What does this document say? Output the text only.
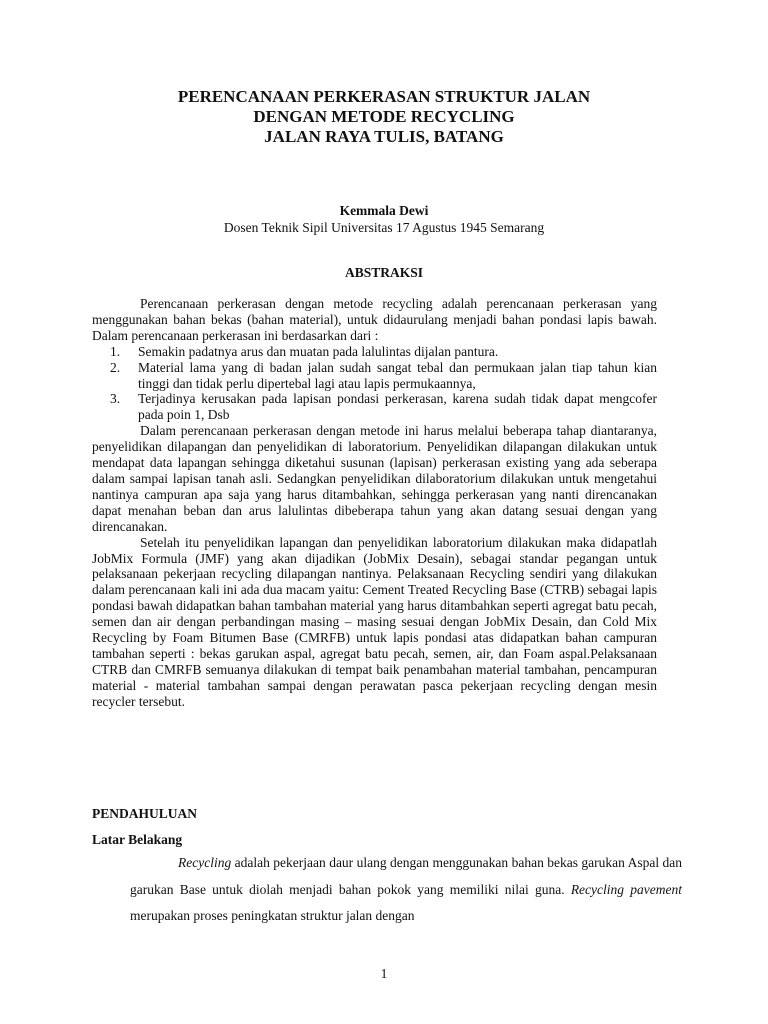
PERENCANAAN PERKERASAN STRUKTUR JALAN
DENGAN METODE RECYCLING
JALAN RAYA TULIS, BATANG
Kemmala Dewi
Dosen Teknik Sipil Universitas 17 Agustus 1945 Semarang
ABSTRAKSI
Perencanaan perkerasan dengan metode recycling adalah perencanaan perkerasan yang menggunakan bahan bekas (bahan material), untuk didaurulang menjadi bahan pondasi lapis bawah. Dalam perencanaan perkerasan ini berdasarkan dari :
1. Semakin padatnya arus dan muatan pada lalulintas dijalan pantura.
2. Material lama yang di badan jalan sudah sangat tebal dan permukaan jalan tiap tahun kian tinggi dan tidak perlu dipertebal lagi atau lapis permukaannya,
3. Terjadinya kerusakan pada lapisan pondasi perkerasan, karena sudah tidak dapat mengcofer pada poin 1, Dsb
Dalam perencanaan perkerasan dengan metode ini harus melalui beberapa tahap diantaranya, penyelidikan dilapangan dan penyelidikan di laboratorium. Penyelidikan dilapangan dilakukan untuk mendapat data lapangan sehingga diketahui susunan (lapisan) perkerasan existing yang ada seberapa dalam sampai lapisan tanah asli. Sedangkan penyelidikan dilaboratorium dilakukan untuk mengetahui nantinya campuran apa saja yang harus ditambahkan, sehingga perkerasan yang nanti direncanakan dapat menahan beban dan arus lalulintas dibeberapa tahun yang akan datang sesuai dengan yang direncanakan.
Setelah itu penyelidikan lapangan dan penyelidikan laboratorium dilakukan maka didapatlah JobMix Formula (JMF) yang akan dijadikan (JobMix Desain), sebagai standar pegangan untuk pelaksanaan pekerjaan recycling dilapangan nantinya. Pelaksanaan Recycling sendiri yang dilakukan dalam perencanaan kali ini ada dua macam yaitu: Cement Treated Recycling Base (CTRB) sebagai lapis pondasi bawah didapatkan bahan tambahan material yang harus ditambahkan seperti agregat batu pecah, semen dan air dengan perbandingan masing – masing sesuai dengan JobMix Desain, dan Cold Mix Recycling by Foam Bitumen Base (CMRFB) untuk lapis pondasi atas didapatkan bahan campuran tambahan seperti : bekas garukan aspal, agregat batu pecah, semen, air, dan Foam aspal.Pelaksanaan CTRB dan CMRFB semuanya dilakukan di tempat baik penambahan material tambahan, pencampuran material - material tambahan sampai dengan perawatan pasca pekerjaan recycling dengan mesin recycler tersebut.
PENDAHULUAN
Latar Belakang
Recycling adalah pekerjaan daur ulang dengan menggunakan bahan bekas garukan Aspal dan garukan Base untuk diolah menjadi bahan pokok yang memiliki nilai guna. Recycling pavement merupakan proses peningkatan struktur jalan dengan
1
